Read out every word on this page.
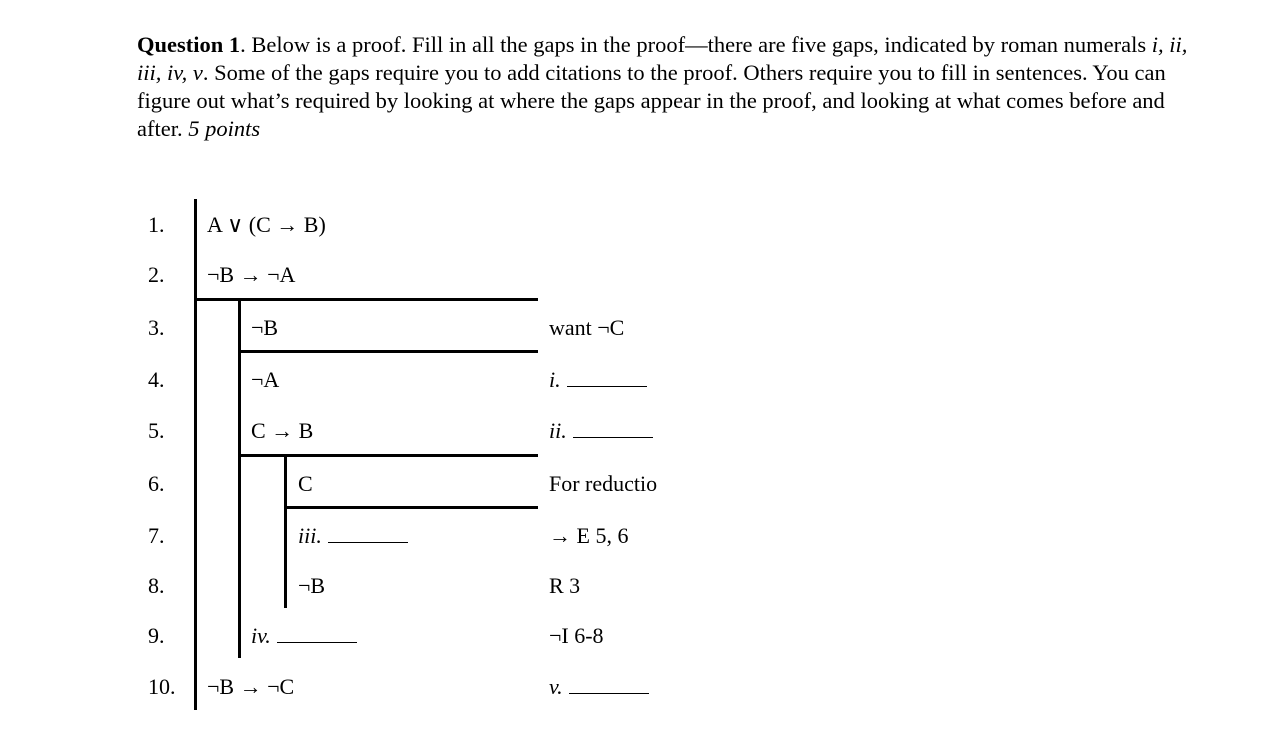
Question 1. Below is a proof. Fill in all the gaps in the proof—there are five gaps, indicated by roman numerals i, ii, iii, iv, v. Some of the gaps require you to add citations to the proof. Others require you to fill in sentences. You can figure out what’s required by looking at where the gaps appear in the proof, and looking at what comes before and after. 5 points
1. A ∨ (C → B)
2. ¬B → ¬A
3.	¬B	want ¬C
4.	¬A	i.
5.	C → B	ii.
6.	C	For reductio
7.	iii.	→ E 5, 6
8.	¬B	R 3
9.	iv.	¬I 6-8
10. ¬B → ¬C	v.
